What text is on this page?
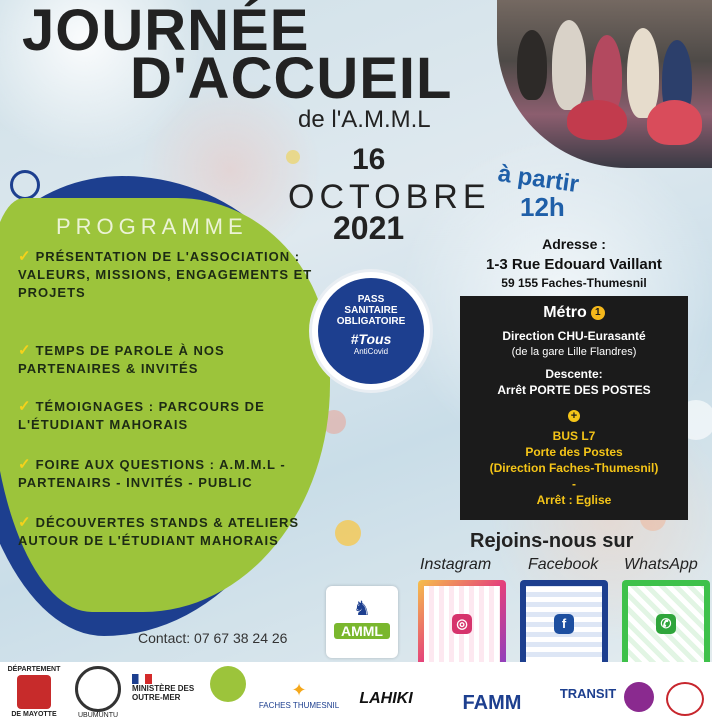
JOURNÉE
D'ACCUEIL
de l'A.M.M.L
16
OCTOBRE
2021
à partir
12h
PROGRAMME
✓ PRÉSENTATION DE L'ASSOCIATION : VALEURS, MISSIONS, ENGAGEMENTS ET PROJETS
✓ TEMPS DE PAROLE À NOS PARTENAIRES & INVITÉS
✓ TÉMOIGNAGES : PARCOURS DE L'ÉTUDIANT MAHORAIS
✓ FOIRE AUX QUESTIONS : A.M.M.L - PARTENAIRS - INVITÉS - PUBLIC
✓ DÉCOUVERTES STANDS & ATELIERS AUTOUR DE L'ÉTUDIANT MAHORAIS
PASS
SANITAIRE
OBLIGATOIRE
#Tous
AntiCovid
Adresse :
1-3 Rue Edouard Vaillant
59 155 Faches-Thumesnil
Métro 1
Direction CHU-Eurasanté
(de la gare Lille Flandres)
Descente:
Arrêt PORTE DES POSTES
+
BUS L7
Porte des Postes
(Direction Faches-Thumesnil)
-
Arrêt : Eglise
Rejoins-nous sur
Instagram Facebook WhatsApp
◎	f	✆
♞
AMML
Contact: 07 67 38 24 26
DÉPARTEMENT
DE MAYOTTE	UBUMUNTU
MINISTÈRE DES OUTRE-MER	✦
FACHES THUMESNIL	LAHIKI	FAMM	TRANSIT
